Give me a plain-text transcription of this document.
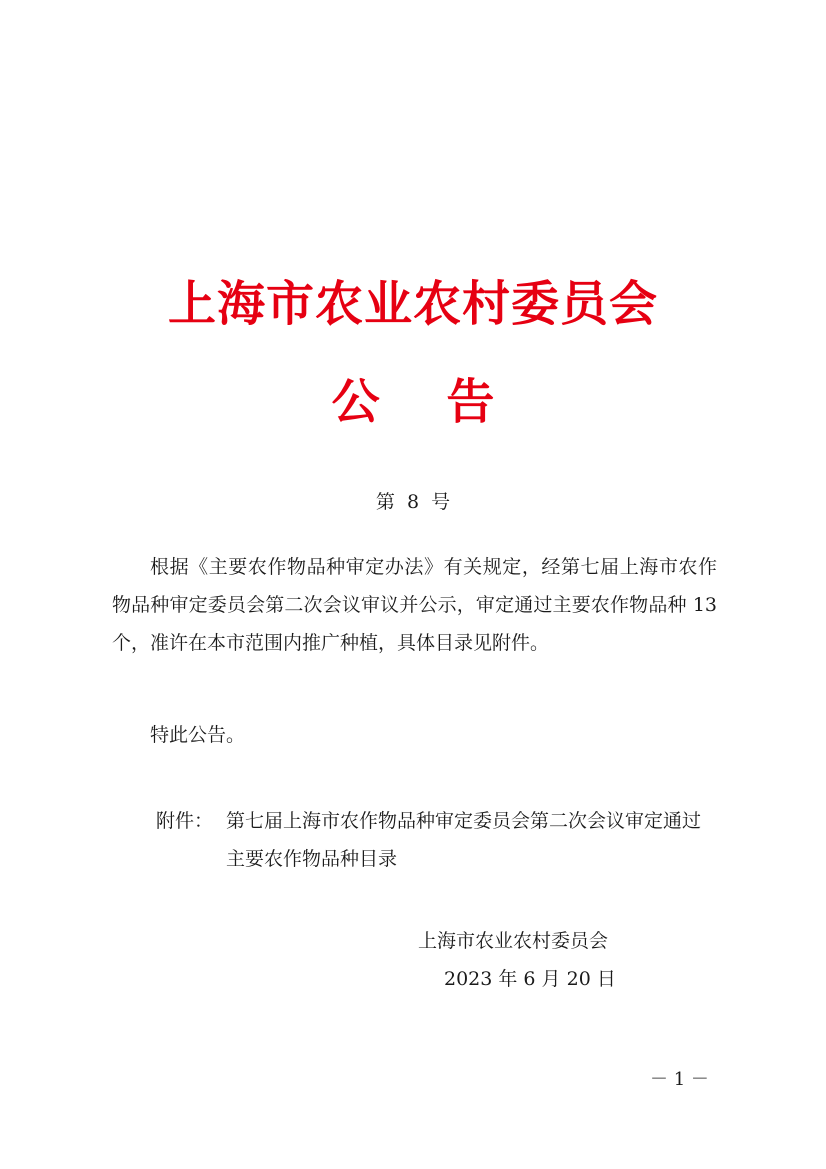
上海市农业农村委员会
公    告
第  8  号

根据《主要农作物品种审定办法》有关规定，经第七届上海市农作物品种审定委员会第二次会议审议并公示，审定通过主要农作物品种 13 个，准许在本市范围内推广种植，具体目录见附件。

特此公告。

附件： 第七届上海市农作物品种审定委员会第二次会议审定通过主要农作物品种目录
上海市农业农村委员会
2023 年 6 月 20 日
－ 1 －
